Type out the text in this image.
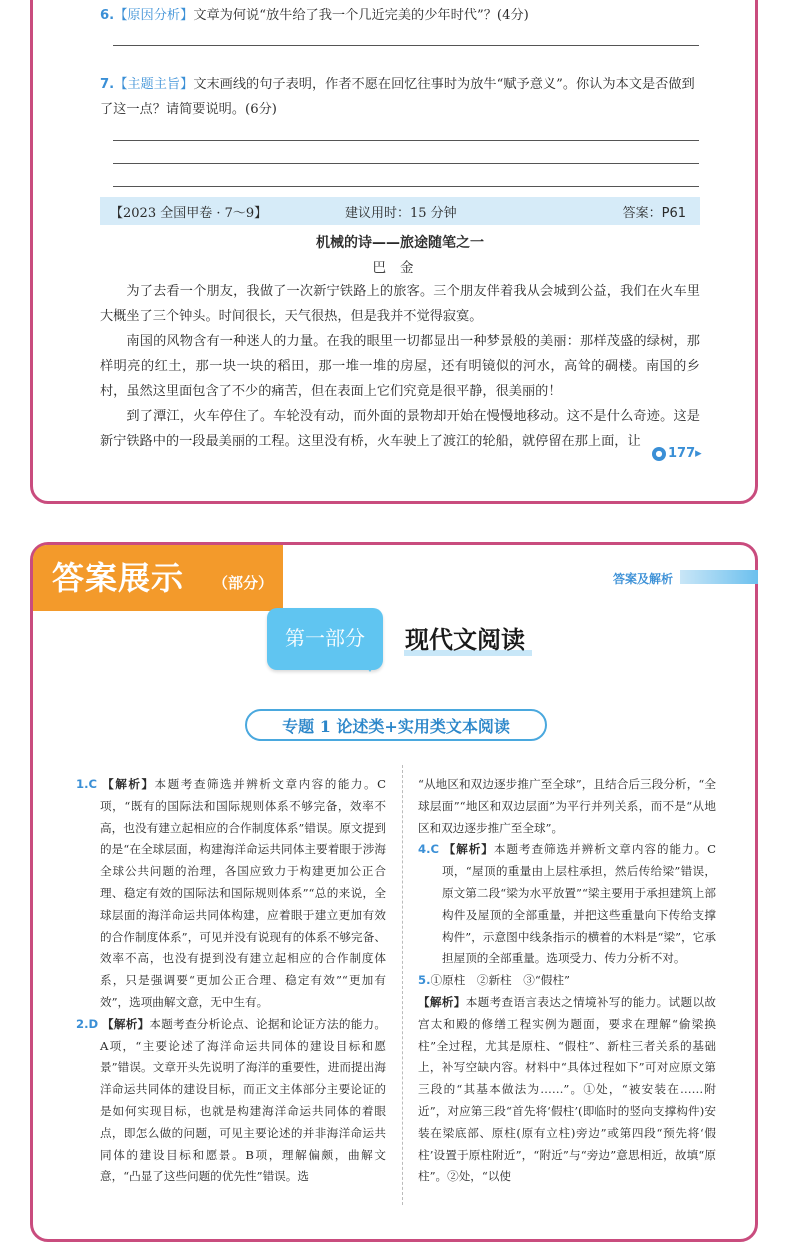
6.【原因分析】文章为何说“放牛给了我一个几近完美的少年时代”？(4分)
7.【主题主旨】文末画线的句子表明，作者不愿在回忆往事时为放牛“赋予意义”。你认为本文是否做到了这一点？请简要说明。(6分)
【2023 全国甲卷 · 7～9】	建议用时：15 分钟	答案：P61
机械的诗——旅途随笔之一
巴金

为了去看一个朋友，我做了一次新宁铁路上的旅客。三个朋友伴着我从会城到公益，我们在火车里大概坐了三个钟头。时间很长，天气很热，但是我并不觉得寂寞。

南国的风物含有一种迷人的力量。在我的眼里一切都显出一种梦景般的美丽：那样茂盛的绿树，那样明亮的红土，那一块一块的稻田，那一堆一堆的房屋，还有明镜似的河水，高耸的碉楼。南国的乡村，虽然这里面包含了不少的痛苦，但在表面上它们究竟是很平静，很美丽的！

到了潭江，火车停住了。车轮没有动，而外面的景物却开始在慢慢地移动。这不是什么奇迹。这是新宁铁路中的一段最美丽的工程。这里没有桥，火车驶上了渡江的轮船，就停留在那上面，让

● 177▸
答案展示 （部分）	答案及解析
第一部分	现代文阅读
专题 1 论述类+实用类文本阅读

1.C 【解析】本题考查筛选并辨析文章内容的能力。C项，“既有的国际法和国际规则体系不够完备，效率不高，也没有建立起相应的合作制度体系”错误。原文提到的是“在全球层面，构建海洋命运共同体主要着眼于涉海全球公共问题的治理，各国应致力于构建更加公正合理、稳定有效的国际法和国际规则体系”“总的来说，全球层面的海洋命运共同体构建，应着眼于建立更加有效的合作制度体系”，可见并没有说现有的体系不够完备、效率不高，也没有提到没有建立起相应的合作制度体系，只是强调要“更加公正合理、稳定有效”“更加有效”，选项曲解文意，无中生有。

2.D 【解析】本题考查分析论点、论据和论证方法的能力。A项，“主要论述了海洋命运共同体的建设目标和愿景”错误。文章开头先说明了海洋的重要性，进而提出海洋命运共同体的建设目标，而正文主体部分主要论证的是如何实现目标，也就是构建海洋命运共同体的着眼点，即怎么做的问题，可见主要论述的并非海洋命运共同体的建设目标和愿景。B项，理解偏颇，曲解文意，“凸显了这些问题的优先性”错误。选

“从地区和双边逐步推广至全球”，且结合后三段分析，“全球层面”“地区和双边层面”为平行并列关系，而不是“从地区和双边逐步推广至全球”。

4.C 【解析】本题考查筛选并辨析文章内容的能力。C项，“屋顶的重量由上层柱承担，然后传给梁”错误，原文第二段“梁为水平放置”“梁主要用于承担建筑上部构件及屋顶的全部重量，并把这些重量向下传给支撑构件”，示意图中线条指示的横着的木料是“梁”，它承担屋顶的全部重量。选项受力、传力分析不对。

5.①原柱　②新柱　③“假柱”

【解析】本题考查语言表达之情境补写的能力。试题以故宫太和殿的修缮工程实例为题面，要求在理解“偷梁换柱”全过程，尤其是原柱、“假柱”、新柱三者关系的基础上，补写空缺内容。材料中“具体过程如下”可对应原文第三段的“其基本做法为……”。①处，“被安装在……附近”，对应第三段“首先将‘假柱’(即临时的竖向支撑构件)安装在梁底部、原柱(原有立柱)旁边”或第四段“预先将‘假柱’设置于原柱附近”，“附近”与“旁边”意思相近，故填“原柱”。②处，“以使
